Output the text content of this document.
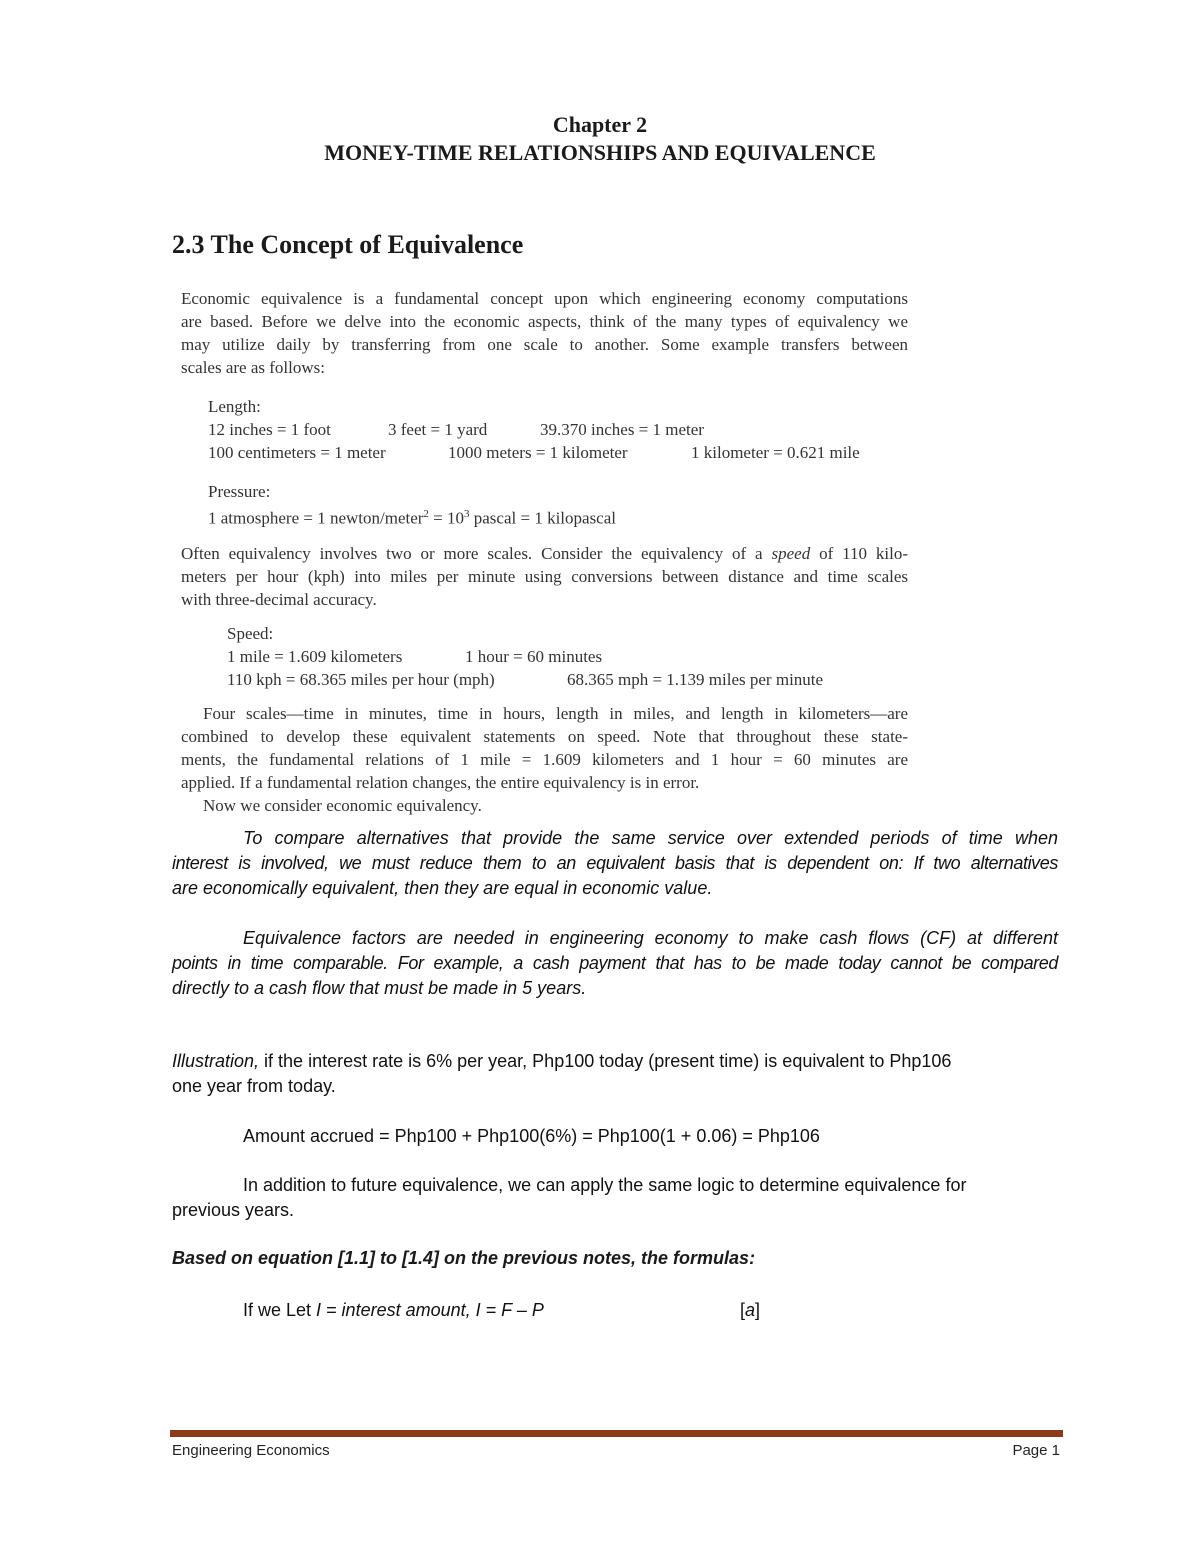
Chapter 2
MONEY-TIME RELATIONSHIPS AND EQUIVALENCE
2.3 The Concept of Equivalence
Economic equivalence is a fundamental concept upon which engineering economy computations
are based. Before we delve into the economic aspects, think of the many types of equivalency we
may utilize daily by transferring from one scale to another. Some example transfers between
scales are as follows:
Length:
12 inches = 1 foot	3 feet = 1 yard	39.370 inches = 1 meter
100 centimeters = 1 meter	1000 meters = 1 kilometer	1 kilometer = 0.621 mile
Pressure:
1 atmosphere = 1 newton/meter$^2$ = $10^3$ pascal = 1 kilopascal
Often equivalency involves two or more scales. Consider the equivalency of a speed of 110 kilo-
meters per hour (kph) into miles per minute using conversions between distance and time scales
with three-decimal accuracy.
Speed:
1 mile = 1.609 kilometers	1 hour = 60 minutes
110 kph = 68.365 miles per hour (mph)	68.365 mph = 1.139 miles per minute
Four scales—time in minutes, time in hours, length in miles, and length in kilometers—are
combined to develop these equivalent statements on speed. Note that throughout these state-
ments, the fundamental relations of 1 mile = 1.609 kilometers and 1 hour = 60 minutes are
applied. If a fundamental relation changes, the entire equivalency is in error.
Now we consider economic equivalency.
To compare alternatives that provide the same service over extended periods of time when
interest is involved, we must reduce them to an equivalent basis that is dependent on: If two alternatives
are economically equivalent, then they are equal in economic value.
Equivalence factors are needed in engineering economy to make cash flows (CF) at different
points in time comparable. For example, a cash payment that has to be made today cannot be compared
directly to a cash flow that must be made in 5 years.
Illustration, if the interest rate is 6% per year, Php100 today (present time) is equivalent to Php106
one year from today.
Amount accrued = Php100 + Php100(6%) = Php100(1 + 0.06) = Php106
In addition to future equivalence, we can apply the same logic to determine equivalence for
previous years.
Based on equation [1.1] to [1.4] on the previous notes, the formulas:
If we Let I = interest amount, I = F – P	[a]
Engineering Economics	Page 1
